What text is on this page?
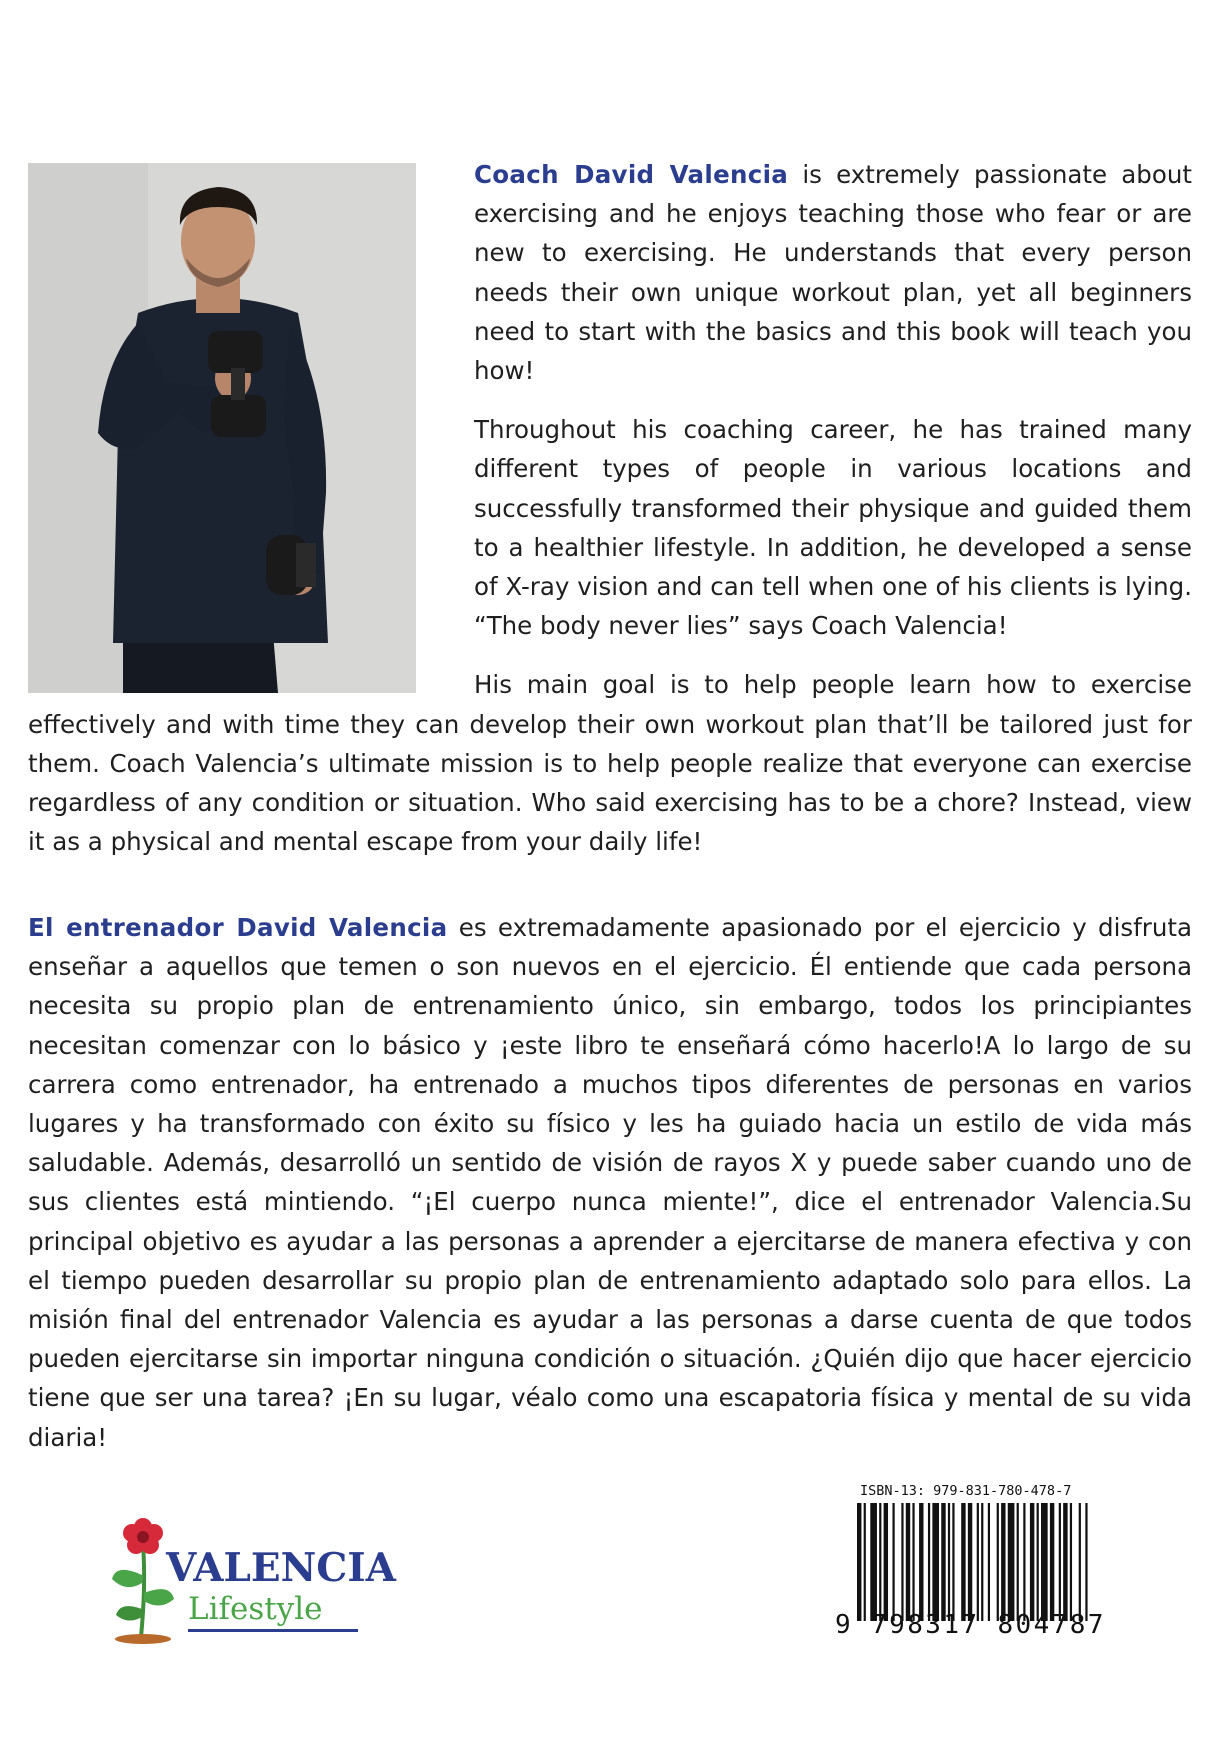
Coach David Valencia is extremely passionate about exercising and he enjoys teaching those who fear or are new to exercising. He understands that every person needs their own unique workout plan, yet all beginners need to start with the basics and this book will teach you how!

Throughout his coaching career, he has trained many different types of people in various locations and successfully transformed their physique and guided them to a healthier lifestyle. In addition, he developed a sense of X-ray vision and can tell when one of his clients is lying. “The body never lies” says Coach Valencia!

His main goal is to help people learn how to exercise effectively and with time they can develop their own workout plan that’ll be tailored just for them. Coach Valencia’s ultimate mission is to help people realize that everyone can exercise regardless of any condition or situation. Who said exercising has to be a chore? Instead, view it as a physical and mental escape from your daily life!

El entrenador David Valencia es extremadamente apasionado por el ejercicio y disfruta enseñar a aquellos que temen o son nuevos en el ejercicio. Él entiende que cada persona necesita su propio plan de entrenamiento único, sin embargo, todos los principiantes necesitan comenzar con lo básico y ¡este libro te enseñará cómo hacerlo!A lo largo de su carrera como entrenador, ha entrenado a muchos tipos diferentes de personas en varios lugares y ha transformado con éxito su físico y les ha guiado hacia un estilo de vida más saludable. Además, desarrolló un sentido de visión de rayos X y puede saber cuando uno de sus clientes está mintiendo. “¡El cuerpo nunca miente!”, dice el entrenador Valencia.Su principal objetivo es ayudar a las personas a aprender a ejercitarse de manera efectiva y con el tiempo pueden desarrollar su propio plan de entrenamiento adaptado solo para ellos. La misión final del entrenador Valencia es ayudar a las personas a darse cuenta de que todos pueden ejercitarse sin importar ninguna condición o situación. ¿Quién dijo que hacer ejercicio tiene que ser una tarea? ¡En su lugar, véalo como una escapatoria física y mental de su vida diaria!

VALENCIA
Lifestyle
ISBN-13: 979-831-780-478-7
9 798317 804787
